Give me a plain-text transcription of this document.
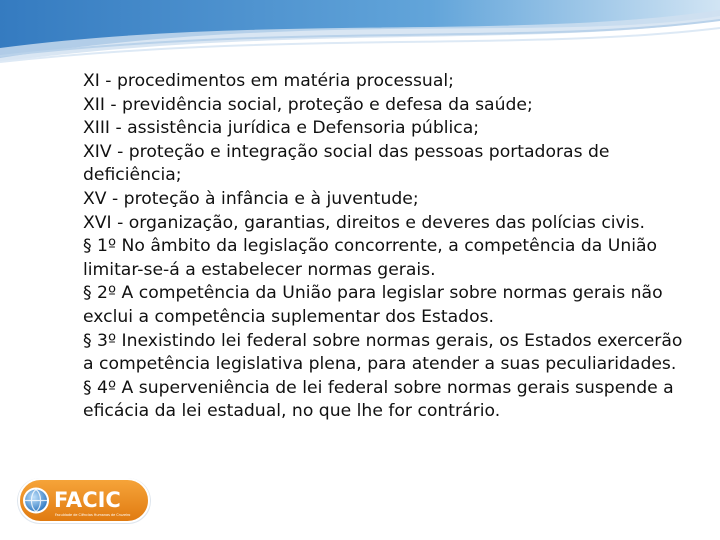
XI - procedimentos em matéria processual;

XII - previdência social, proteção e defesa da saúde;

XIII - assistência jurídica e Defensoria pública;

XIV - proteção e integração social das pessoas portadoras de deficiência;

XV - proteção à infância e à juventude;

XVI - organização, garantias, direitos e deveres das polícias civis.

§ 1º No âmbito da legislação concorrente, a competência da União limitar-se-á a estabelecer normas gerais.

§ 2º A competência da União para legislar sobre normas gerais não exclui a competência suplementar dos Estados.

§ 3º Inexistindo lei federal sobre normas gerais, os Estados exercerão a competência legislativa plena, para atender a suas peculiaridades.

§ 4º A superveniência de lei federal sobre normas gerais suspende a eficácia da lei estadual, no que lhe for contrário.

FACIC
Faculdade de Ciências Humanas de Cruzeiro
